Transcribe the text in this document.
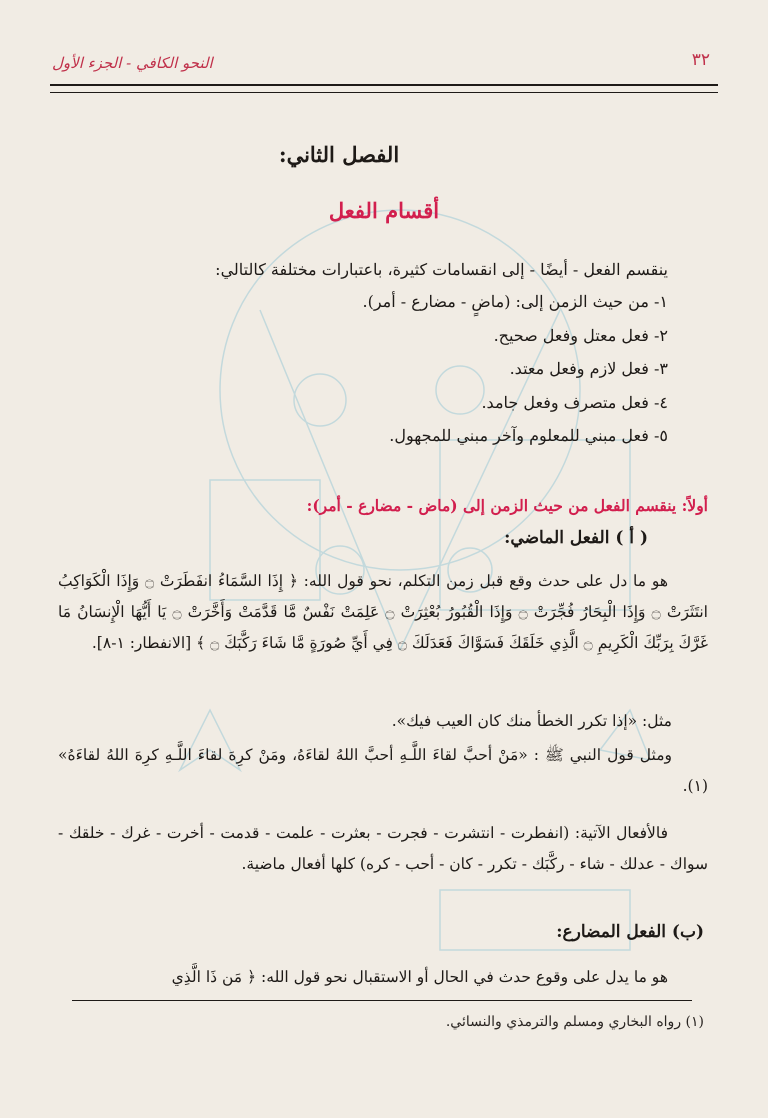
٣٢
النحو الكافي - الجزء الأول
الفصل الثاني:
أقسام الفعل
ينقسم الفعل - أيضًا - إلى انقسامات كثيرة، باعتبارات مختلفة كالتالي:
١- من حيث الزمن إلى: (ماضٍ - مضارع - أمر).
٢- فعل معتل وفعل صحيح.
٣- فعل لازم وفعل معتد.
٤- فعل متصرف وفعل جامد.
٥- فعل مبني للمعلوم وآخر مبني للمجهول.
أولاً: ينقسم الفعل من حيث الزمن إلى (ماض - مضارع - أمر):
( أ ) الفعل الماضي:
هو ما دل على حدث وقع قبل زمن التكلم، نحو قول الله: ﴿ إِذَا السَّمَاءُ انفَطَرَتْ ۝ وَإِذَا الْكَوَاكِبُ انتَثَرَتْ ۝ وَإِذَا الْبِحَارُ فُجِّرَتْ ۝ وَإِذَا الْقُبُورُ بُعْثِرَتْ ۝ عَلِمَتْ نَفْسٌ مَّا قَدَّمَتْ وَأَخَّرَتْ ۝ يَا أَيُّهَا الْإِنسَانُ مَا غَرَّكَ بِرَبِّكَ الْكَرِيمِ ۝ الَّذِي خَلَقَكَ فَسَوَّاكَ فَعَدَلَكَ ۝ فِي أَيِّ صُورَةٍ مَّا شَاءَ رَكَّبَكَ ۝ ﴾ [الانفطار: ١-٨].
مثل: «إذا تكرر الخطأ منك كان العيب فيك».
ومثل قول النبي ﷺ : «مَنْ أحبَّ لقاءَ اللَّـهِ أحبَّ اللهُ لقاءَهُ، ومَنْ كرِهَ لقاءَ اللَّـهِ كرِهَ اللهُ لقاءَهُ» (١).
فالأفعال الآتية: (انفطرت - انتشرت - فجرت - بعثرت - علمت - قدمت - أخرت - غرك - خلقك - سواك - عدلك - شاء - ركَّبَك - تكرر - كان - أحب - كره) كلها أفعال ماضية.
(ب) الفعل المضارع:
هو ما يدل على وقوع حدث في الحال أو الاستقبال نحو قول الله: ﴿ مَن ذَا الَّذِي
(١) رواه البخاري ومسلم والترمذي والنسائي.
